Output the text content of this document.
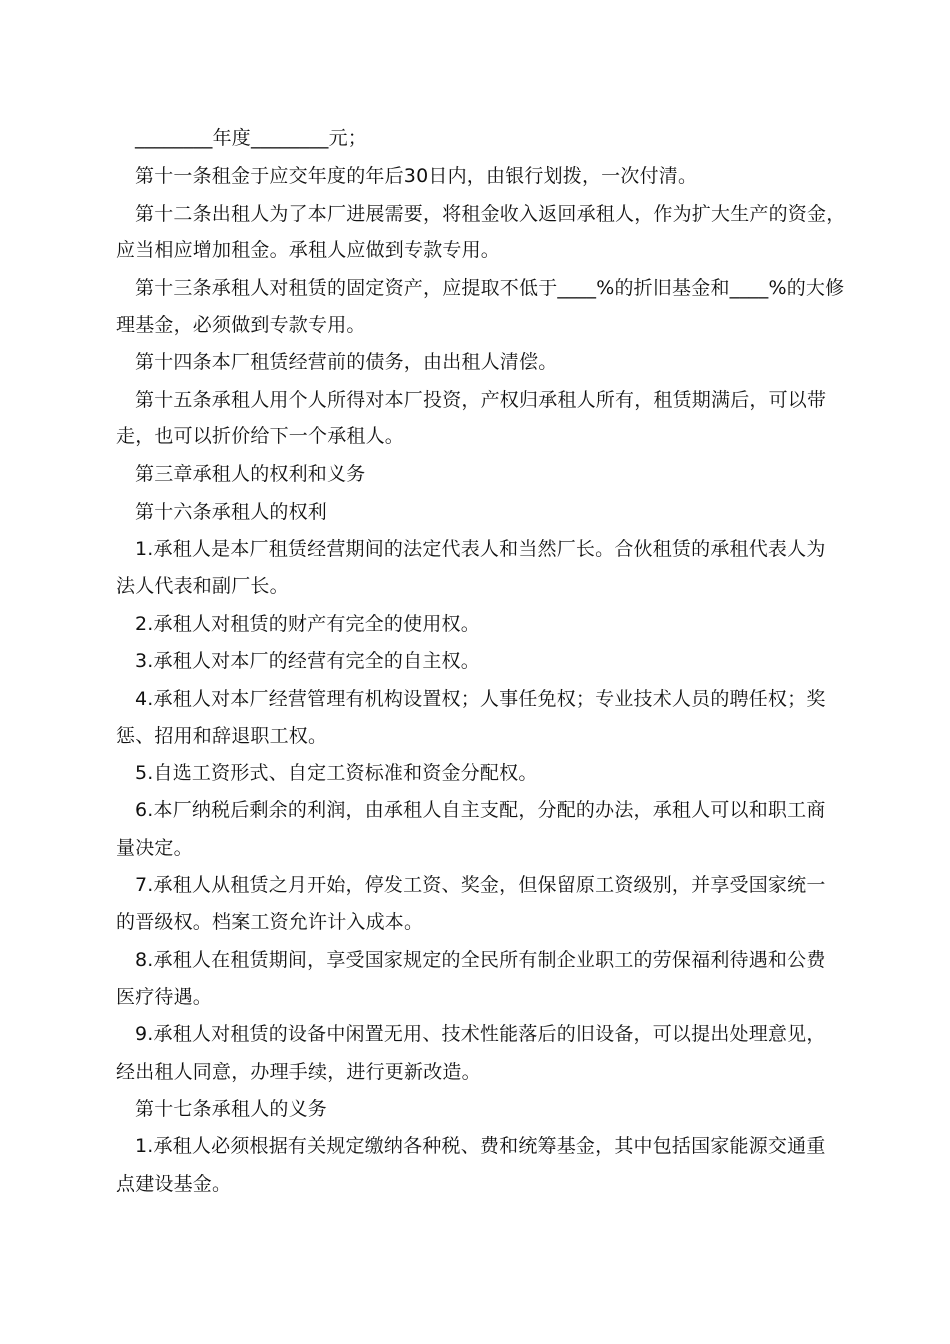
________年度________元；
第十一条租金于应交年度的年后30日内，由银行划拨，一次付清。
第十二条出租人为了本厂进展需要，将租金收入返回承租人，作为扩大生产的资金，
应当相应增加租金。承租人应做到专款专用。
第十三条承租人对租赁的固定资产，应提取不低于____%的折旧基金和____%的大修
理基金，必须做到专款专用。
第十四条本厂租赁经营前的债务，由出租人清偿。
第十五条承租人用个人所得对本厂投资，产权归承租人所有，租赁期满后，可以带
走，也可以折价给下一个承租人。
第三章承租人的权利和义务
第十六条承租人的权利
1.承租人是本厂租赁经营期间的法定代表人和当然厂长。合伙租赁的承租代表人为
法人代表和副厂长。
2.承租人对租赁的财产有完全的使用权。
3.承租人对本厂的经营有完全的自主权。
4.承租人对本厂经营管理有机构设置权；人事任免权；专业技术人员的聘任权；奖
惩、招用和辞退职工权。
5.自选工资形式、自定工资标准和资金分配权。
6.本厂纳税后剩余的利润，由承租人自主支配，分配的办法，承租人可以和职工商
量决定。
7.承租人从租赁之月开始，停发工资、奖金，但保留原工资级别，并享受国家统一
的晋级权。档案工资允许计入成本。
8.承租人在租赁期间，享受国家规定的全民所有制企业职工的劳保福利待遇和公费
医疗待遇。
9.承租人对租赁的设备中闲置无用、技术性能落后的旧设备，可以提出处理意见，
经出租人同意，办理手续，进行更新改造。
第十七条承租人的义务
1.承租人必须根据有关规定缴纳各种税、费和统筹基金，其中包括国家能源交通重
点建设基金。
